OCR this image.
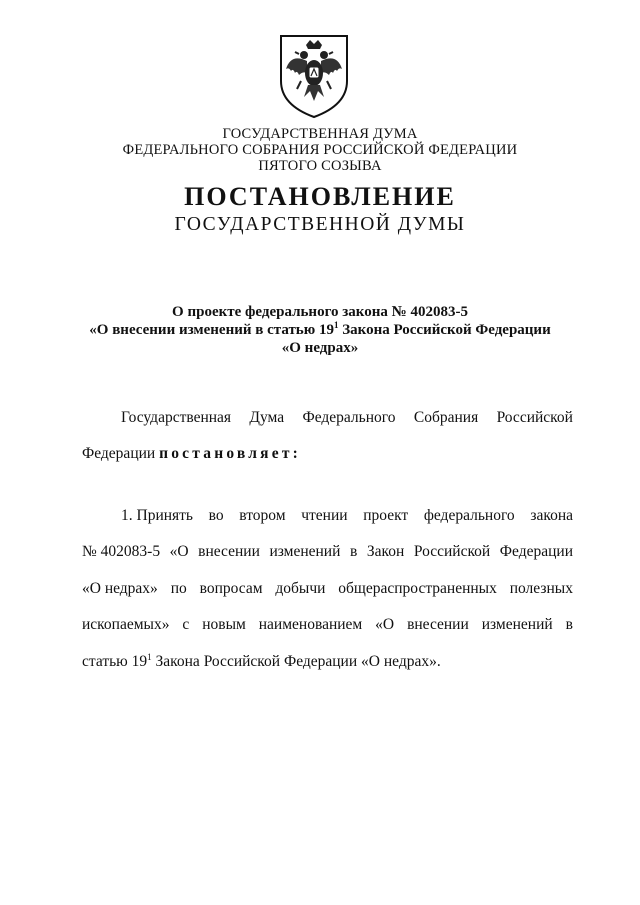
ГОСУДАРСТВЕННАЯ ДУМА
ФЕДЕРАЛЬНОГО СОБРАНИЯ РОССИЙСКОЙ ФЕДЕРАЦИИ
ПЯТОГО СОЗЫВА
ПОСТАНОВЛЕНИЕ
ГОСУДАРСТВЕННОЙ ДУМЫ
О проекте федерального закона № 402083-5
«О внесении изменений в статью $19^1$ Закона Российской Федерации
«О недрах»
Государственная Дума Федерального Собрания Российской
Федерации постановляет:
1. Принять во втором чтении проект федерального закона
№ 402083-5 «О внесении изменений в Закон Российской Федерации
«О недрах» по вопросам добычи общераспространенных полезных
ископаемых» с новым наименованием «О внесении изменений в
статью $19^1$ Закона Российской Федерации «О недрах».
